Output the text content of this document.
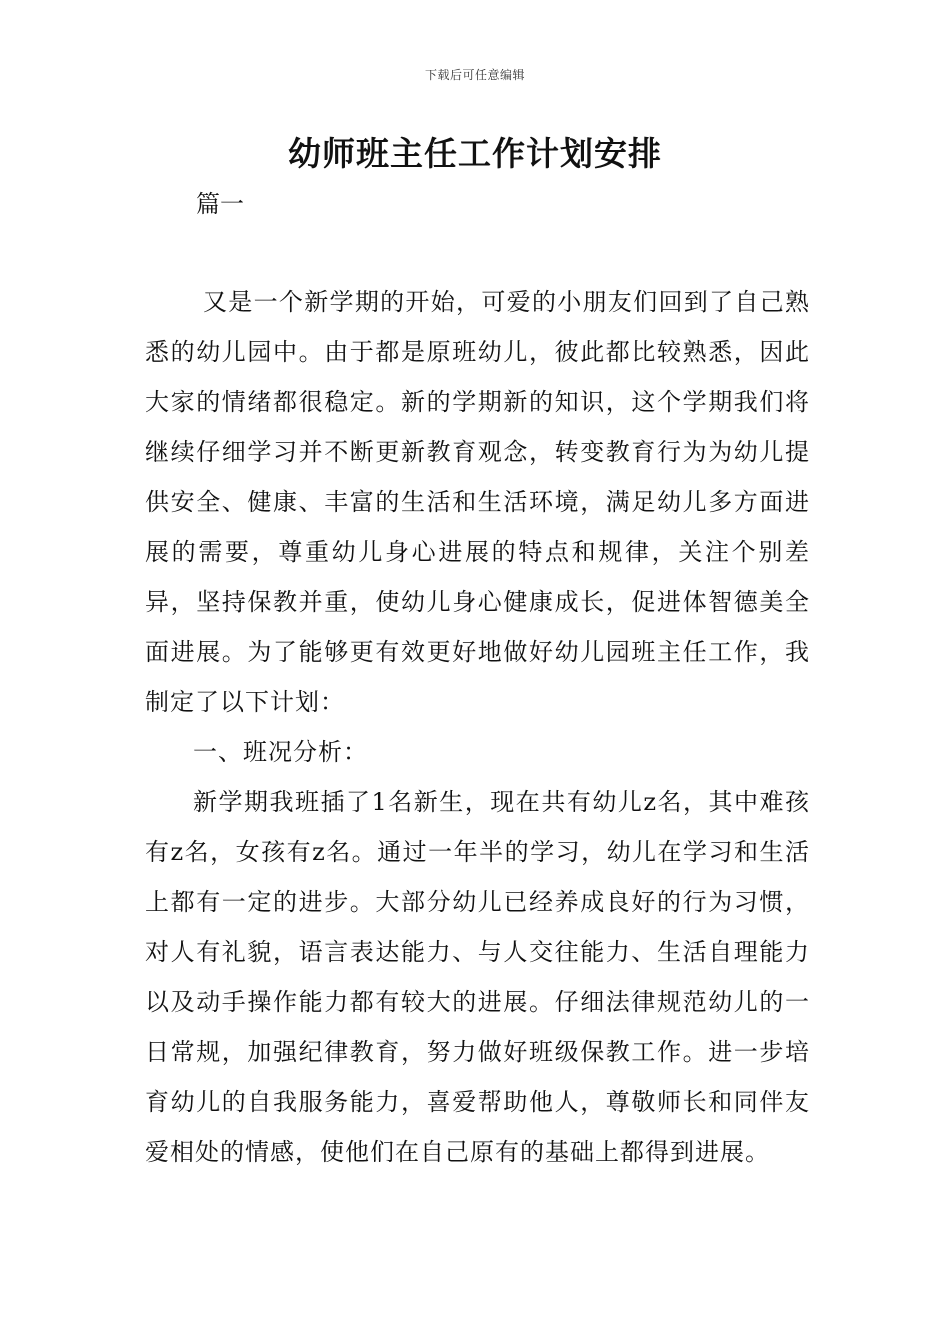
下载后可任意编辑
幼师班主任工作计划安排
篇一

又是一个新学期的开始，可爱的小朋友们回到了自己熟悉的幼儿园中。由于都是原班幼儿，彼此都比较熟悉，因此大家的情绪都很稳定。新的学期新的知识，这个学期我们将继续仔细学习并不断更新教育观念，转变教育行为为幼儿提供安全、健康、丰富的生活和生活环境，满足幼儿多方面进展的需要，尊重幼儿身心进展的特点和规律，关注个别差异，坚持保教并重，使幼儿身心健康成长，促进体智德美全面进展。为了能够更有效更好地做好幼儿园班主任工作，我制定了以下计划：

一、班况分析：

新学期我班插了1名新生，现在共有幼儿z名，其中难孩有z名，女孩有z名。通过一年半的学习，幼儿在学习和生活上都有一定的进步。大部分幼儿已经养成良好的行为习惯，对人有礼貌，语言表达能力、与人交往能力、生活自理能力以及动手操作能力都有较大的进展。仔细法律规范幼儿的一日常规，加强纪律教育，努力做好班级保教工作。进一步培育幼儿的自我服务能力，喜爱帮助他人，尊敬师长和同伴友爱相处的情感，使他们在自己原有的基础上都得到进展。
